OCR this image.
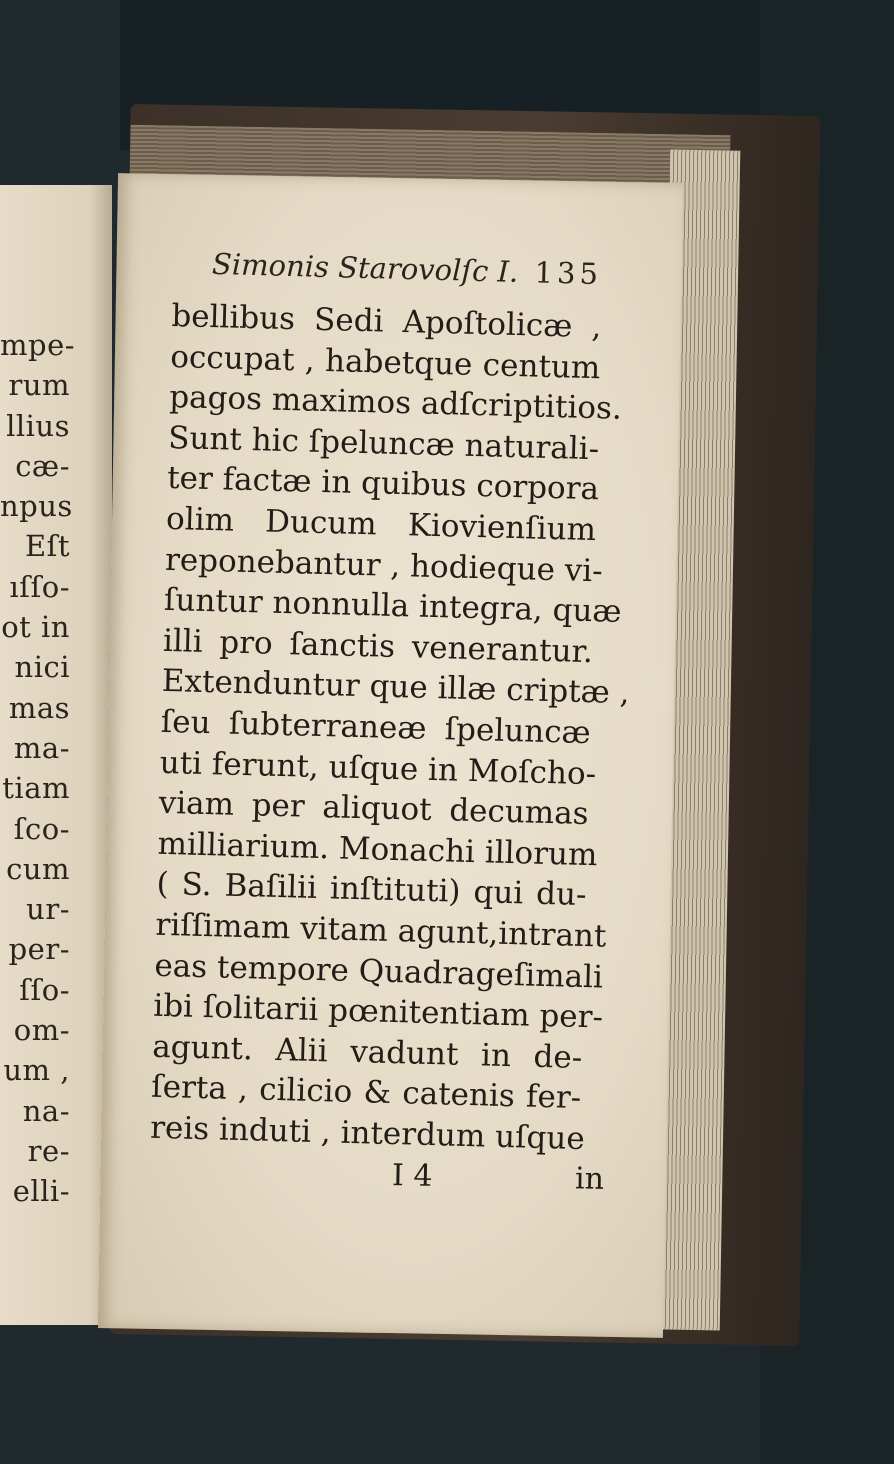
mpe-
rum
llius
cæ-
npus
Eſt
ıſſo-
ot in
nici
mas
ma-
tiam
ſco-
cum
ur-
per-
ſſo-
om-
um ,
na-
re-
elli-
Simonis Starovolſc I. 135
bellibus Sedi Apoſtolicæ ,
occupat , habetque centum
pagos maximos adſcriptitios.
Sunt hic ſpeluncæ naturali-
ter factæ in quibus corpora
olim Ducum Kiovienſium
reponebantur , hodieque vi-
ſuntur nonnulla integra, quæ
illi pro ſanctis venerantur.
Extenduntur que illæ criptæ ,
ſeu ſubterraneæ ſpeluncæ
uti ferunt, uſque in Moſcho-
viam per aliquot decumas
milliarium. Monachi illorum
( S. Baſilii inſtituti) qui du-
riſſimam vitam agunt,intrant
eas tempore Quadrageſimali
ibi ſolitarii pœnitentiam per-
agunt. Alii vadunt in de-
ſerta , cilicio & catenis fer-
reis induti , interdum uſque
I 4	in
